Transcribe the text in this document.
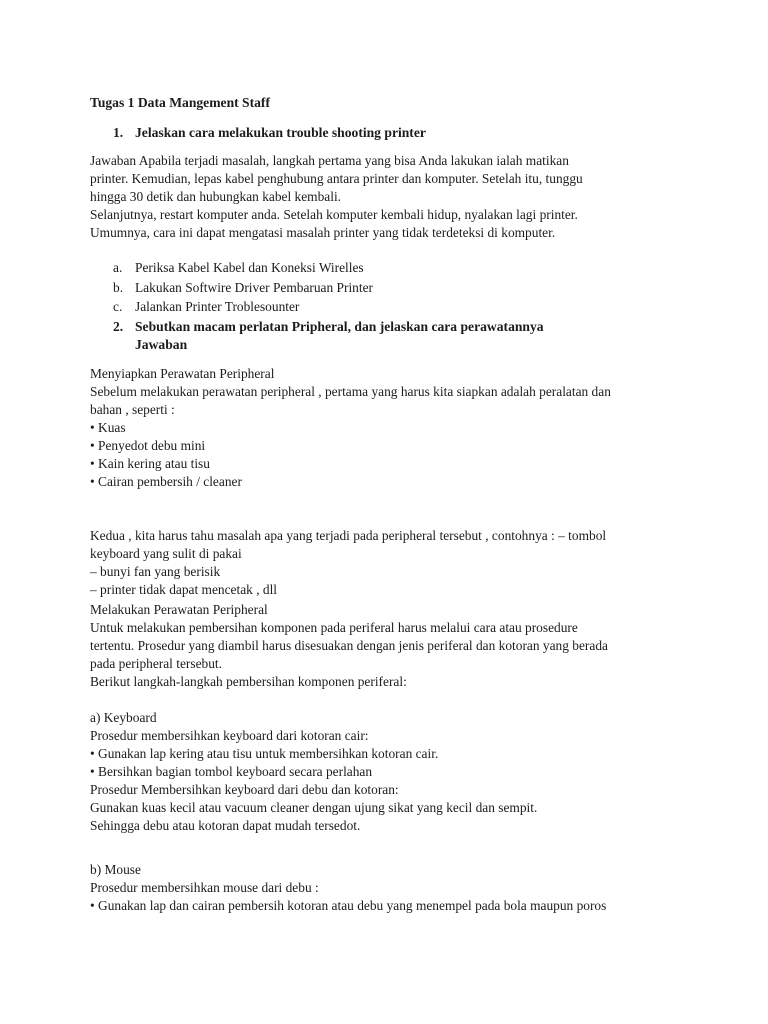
Tugas 1 Data Mangement Staff
1. Jelaskan cara melakukan trouble shooting printer

Jawaban Apabila terjadi masalah, langkah pertama yang bisa Anda lakukan ialah matikan

printer. Kemudian, lepas kabel penghubung antara printer dan komputer. Setelah itu, tunggu

hingga 30 detik dan hubungkan kabel kembali.

Selanjutnya, restart komputer anda. Setelah komputer kembali hidup, nyalakan lagi printer.

Umumnya, cara ini dapat mengatasi masalah printer yang tidak terdeteksi di komputer.

a. Periksa Kabel Kabel dan Koneksi Wirelles
b. Lakukan Softwire Driver Pembaruan Printer
c. Jalankan Printer Troblesounter
2. Sebutkan macam perlatan Pripheral, dan jelaskan cara perawatannya
Jawaban

Menyiapkan Perawatan Peripheral

Sebelum melakukan perawatan peripheral , pertama yang harus kita siapkan adalah peralatan dan

bahan , seperti :

• Kuas

• Penyedot debu mini

• Kain kering atau tisu

• Cairan pembersih / cleaner

Kedua , kita harus tahu masalah apa yang terjadi pada peripheral tersebut , contohnya : – tombol

keyboard yang sulit di pakai

– bunyi fan yang berisik

– printer tidak dapat mencetak , dll

Melakukan Perawatan Peripheral

Untuk melakukan pembersihan komponen pada periferal harus melalui cara atau prosedure

tertentu. Prosedur yang diambil harus disesuakan dengan jenis periferal dan kotoran yang berada

pada peripheral tersebut.

Berikut langkah-langkah pembersihan komponen periferal:

a) Keyboard

Prosedur membersihkan keyboard dari kotoran cair:

• Gunakan lap kering atau tisu untuk membersihkan kotoran cair.

• Bersihkan bagian tombol keyboard secara perlahan

Prosedur Membersihkan keyboard dari debu dan kotoran:

Gunakan kuas kecil atau vacuum cleaner dengan ujung sikat yang kecil dan sempit.

Sehingga debu atau kotoran dapat mudah tersedot.

b) Mouse

Prosedur membersihkan mouse dari debu :

• Gunakan lap dan cairan pembersih kotoran atau debu yang menempel pada bola maupun poros
